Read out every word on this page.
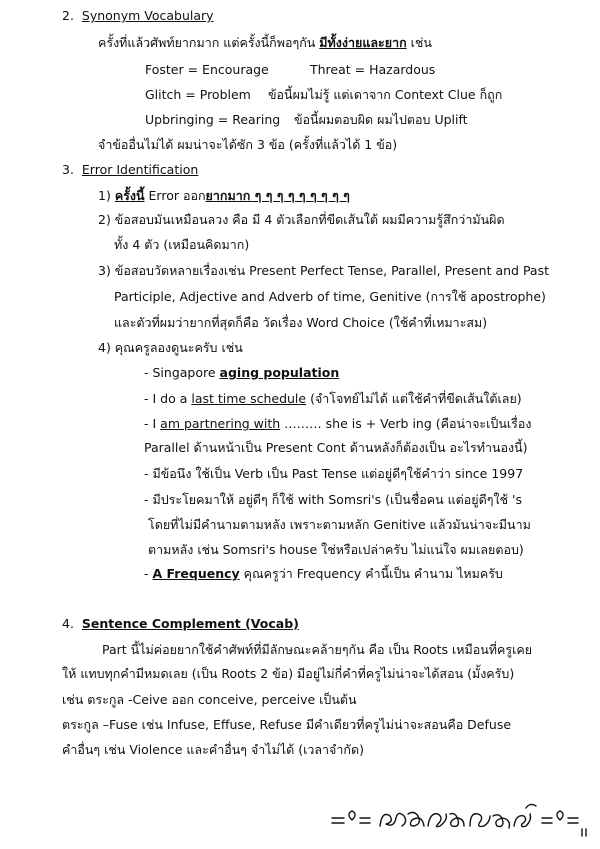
2. Synonym Vocabulary
ครั้งที่แล้วศัพท์ยากมาก แต่ครั้งนี้ก็พอๆกัน มีทั้งง่ายและยาก เช่น
Foster = Encourage	Threat = Hazardous
Glitch = Problem ข้อนี้ผมไม่รู้ แต่เดาจาก Context Clue ก็ถูก
Upbringing = Rearing ข้อนี้ผมตอบผิด ผมไปตอบ Uplift
จำข้ออื่นไม่ได้ ผมน่าจะได้ซัก 3 ข้อ (ครั้งที่แล้วได้ 1 ข้อ)
3. Error Identification
1) ครั้งนี้ Error ออกยากมาก ๆ ๆ ๆ ๆ ๆ ๆ ๆ ๆ ๆ
2) ข้อสอบมันเหมือนลวง คือ มี 4 ตัวเลือกที่ขีดเส้นใต้ ผมมีความรู้สึกว่ามันผิด
ทั้ง 4 ตัว (เหมือนคิดมาก)
3) ข้อสอบวัดหลายเรื่องเช่น Present Perfect Tense, Parallel, Present and Past
Participle, Adjective and Adverb of time, Genitive (การใช้ apostrophe)
และตัวที่ผมว่ายากที่สุดก็คือ วัดเรื่อง Word Choice (ใช้คำที่เหมาะสม)
4) คุณครูลองดูนะครับ เช่น
- Singapore aging population
- I do a last time schedule (จำโจทย์ไม่ได้ แต่ใช้คำที่ขีดเส้นใต้เลย)
- I am partnering with ……… she is + Verb ing (คือน่าจะเป็นเรื่อง
Parallel ด้านหน้าเป็น Present Cont ด้านหลังก็ต้องเป็น อะไรทำนองนี้)
- มีข้อนึง ใช้เป็น Verb เป็น Past Tense แต่อยู่ดีๆใช้คำว่า since 1997
- มีประโยคมาให้ อยู่ดีๆ ก็ใช้ with Somsri's (เป็นชื่อคน แต่อยู่ดีๆใช้ 's
โดยที่ไม่มีคำนามตามหลัง เพราะตามหลัก Genitive แล้วมันน่าจะมีนาม
ตามหลัง เช่น Somsri's house ใช่หรือเปล่าครับ ไม่แน่ใจ ผมเลยตอบ)
- A Frequency คุณครูว่า Frequency คำนี้เป็น คำนาม ไหมครับ
4. Sentence Complement (Vocab)
Part นี้ไม่ค่อยยากใช้คำศัพท์ที่มีลักษณะคล้ายๆกัน คือ เป็น Roots เหมือนที่ครูเคย
ให้ แทบทุกคำมีหมดเลย (เป็น Roots 2 ข้อ) มีอยู่ไม่กี่คำที่ครูไม่น่าจะได้สอน (มั้งครับ)
เช่น ตระกูล -Ceive ออก conceive, perceive เป็นต้น
ตระกูล –Fuse เช่น Infuse, Effuse, Refuse มีคำเดียวที่ครูไม่น่าจะสอนคือ Defuse
คำอื่นๆ เช่น Violence และคำอื่นๆ จำไม่ได้ (เวลาจำกัด)
